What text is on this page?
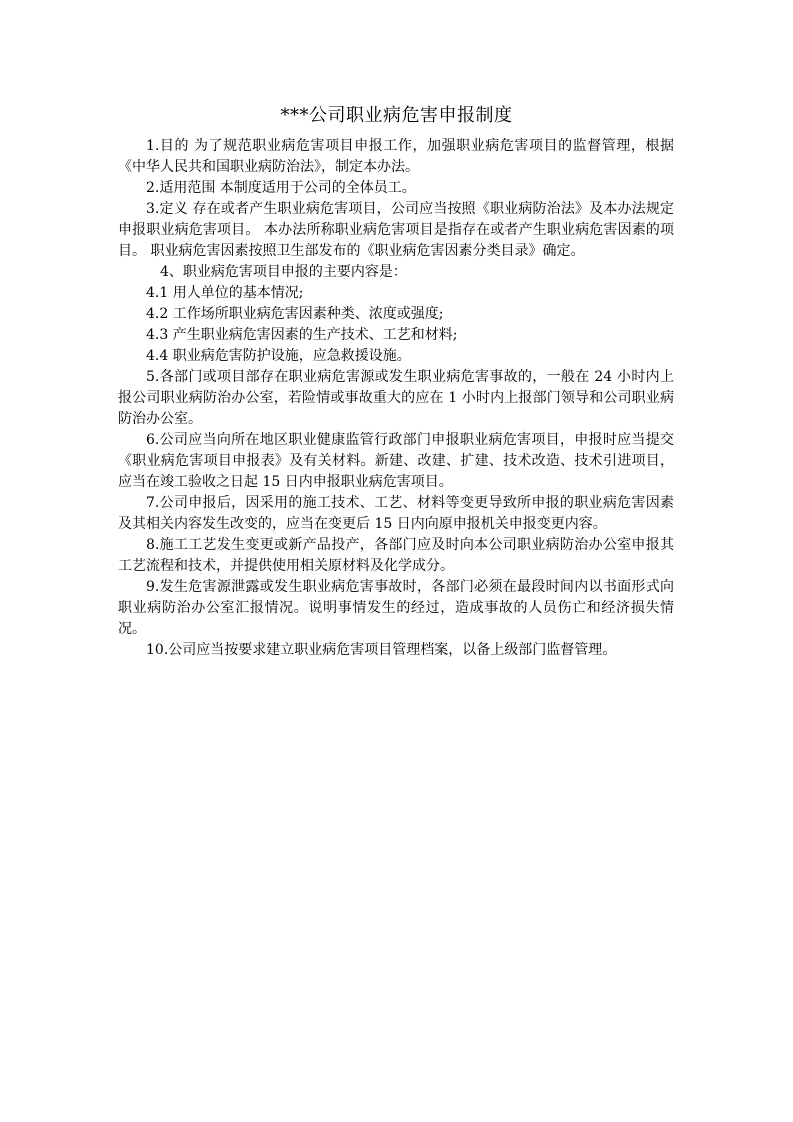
***公司职业病危害申报制度

1.目的 为了规范职业病危害项目申报工作，加强职业病危害项目的监督管理，根据《中华人民共和国职业病防治法》，制定本办法。

2.适用范围 本制度适用于公司的全体员工。

3.定义 存在或者产生职业病危害项目，公司应当按照《职业病防治法》及本办法规定申报职业病危害项目。 本办法所称职业病危害项目是指存在或者产生职业病危害因素的项目。 职业病危害因素按照卫生部发布的《职业病危害因素分类目录》确定。

4、职业病危害项目申报的主要内容是：

4.1 用人单位的基本情况;

4.2 工作场所职业病危害因素种类、浓度或强度;

4.3 产生职业病危害因素的生产技术、工艺和材料;

4.4 职业病危害防护设施，应急救援设施。

5.各部门或项目部存在职业病危害源或发生职业病危害事故的，一般在 24 小时内上报公司职业病防治办公室，若险情或事故重大的应在 1 小时内上报部门领导和公司职业病防治办公室。

6.公司应当向所在地区职业健康监管行政部门申报职业病危害项目，申报时应当提交《职业病危害项目申报表》及有关材料。新建、改建、扩建、技术改造、技术引进项目，应当在竣工验收之日起 15 日内申报职业病危害项目。

7.公司申报后，因采用的施工技术、工艺、材料等变更导致所申报的职业病危害因素及其相关内容发生改变的，应当在变更后 15 日内向原申报机关申报变更内容。

8.施工工艺发生变更或新产品投产，各部门应及时向本公司职业病防治办公室申报其工艺流程和技术，并提供使用相关原材料及化学成分。

9.发生危害源泄露或发生职业病危害事故时，各部门必须在最段时间内以书面形式向职业病防治办公室汇报情况。说明事情发生的经过，造成事故的人员伤亡和经济损失情况。

10.公司应当按要求建立职业病危害项目管理档案，以备上级部门监督管理。
